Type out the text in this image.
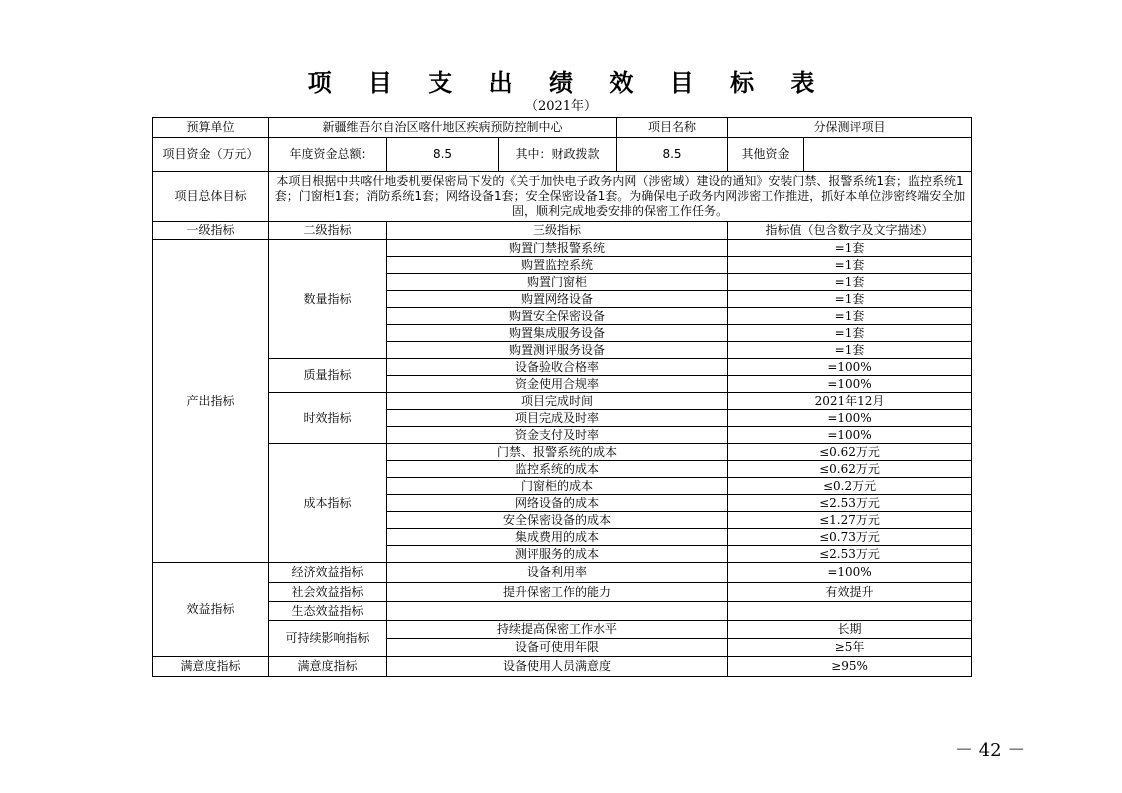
项 目 支 出 绩 效 目 标 表
（2021年）
预算单位	新疆维吾尔自治区喀什地区疾病预防控制中心			项目名称	分保测评项目	
项目资金（万元）	年度资金总额:	8.5	其中：财政拨款	8.5	其他资金	
项目总体目标	本项目根据中共喀什地委机要保密局下发的《关于加快电子政务内网（涉密域）建设的通知》安装门禁、报警系统1套；监控系统1套；门窗柜1套；消防系统1套；网络设备1套；安全保密设备1套。为确保电子政务内网涉密工作推进，抓好本单位涉密终端安全加固，顺利完成地委安排的保密工作任务。					
一级指标	二级指标	三级指标			指标值（包含数字及文字描述）	
产出指标	数量指标	购置门禁报警系统			=1套	
		购置监控系统			=1套	
		购置门窗柜			=1套	
		购置网络设备			=1套	
		购置安全保密设备			=1套	
		购置集成服务设备			=1套	
		购置测评服务设备			=1套	
	质量指标	设备验收合格率			=100%	
		资金使用合规率			=100%	
	时效指标	项目完成时间			2021年12月	
		项目完成及时率			=100%	
		资金支付及时率			=100%	
	成本指标	门禁、报警系统的成本			≤0.62万元	
		监控系统的成本			≤0.62万元	
		门窗柜的成本			≤0.2万元	
		网络设备的成本			≤2.53万元	
		安全保密设备的成本			≤1.27万元	
		集成费用的成本			≤0.73万元	
		测评服务的成本			≤2.53万元	
效益指标	经济效益指标	设备利用率			=100%	
	社会效益指标	提升保密工作的能力			有效提升	
	生态效益指标					
	可持续影响指标	持续提高保密工作水平			长期	
		设备可使用年限			≥5年	
满意度指标	满意度指标	设备使用人员满意度			≥95%	
－ 42 －
